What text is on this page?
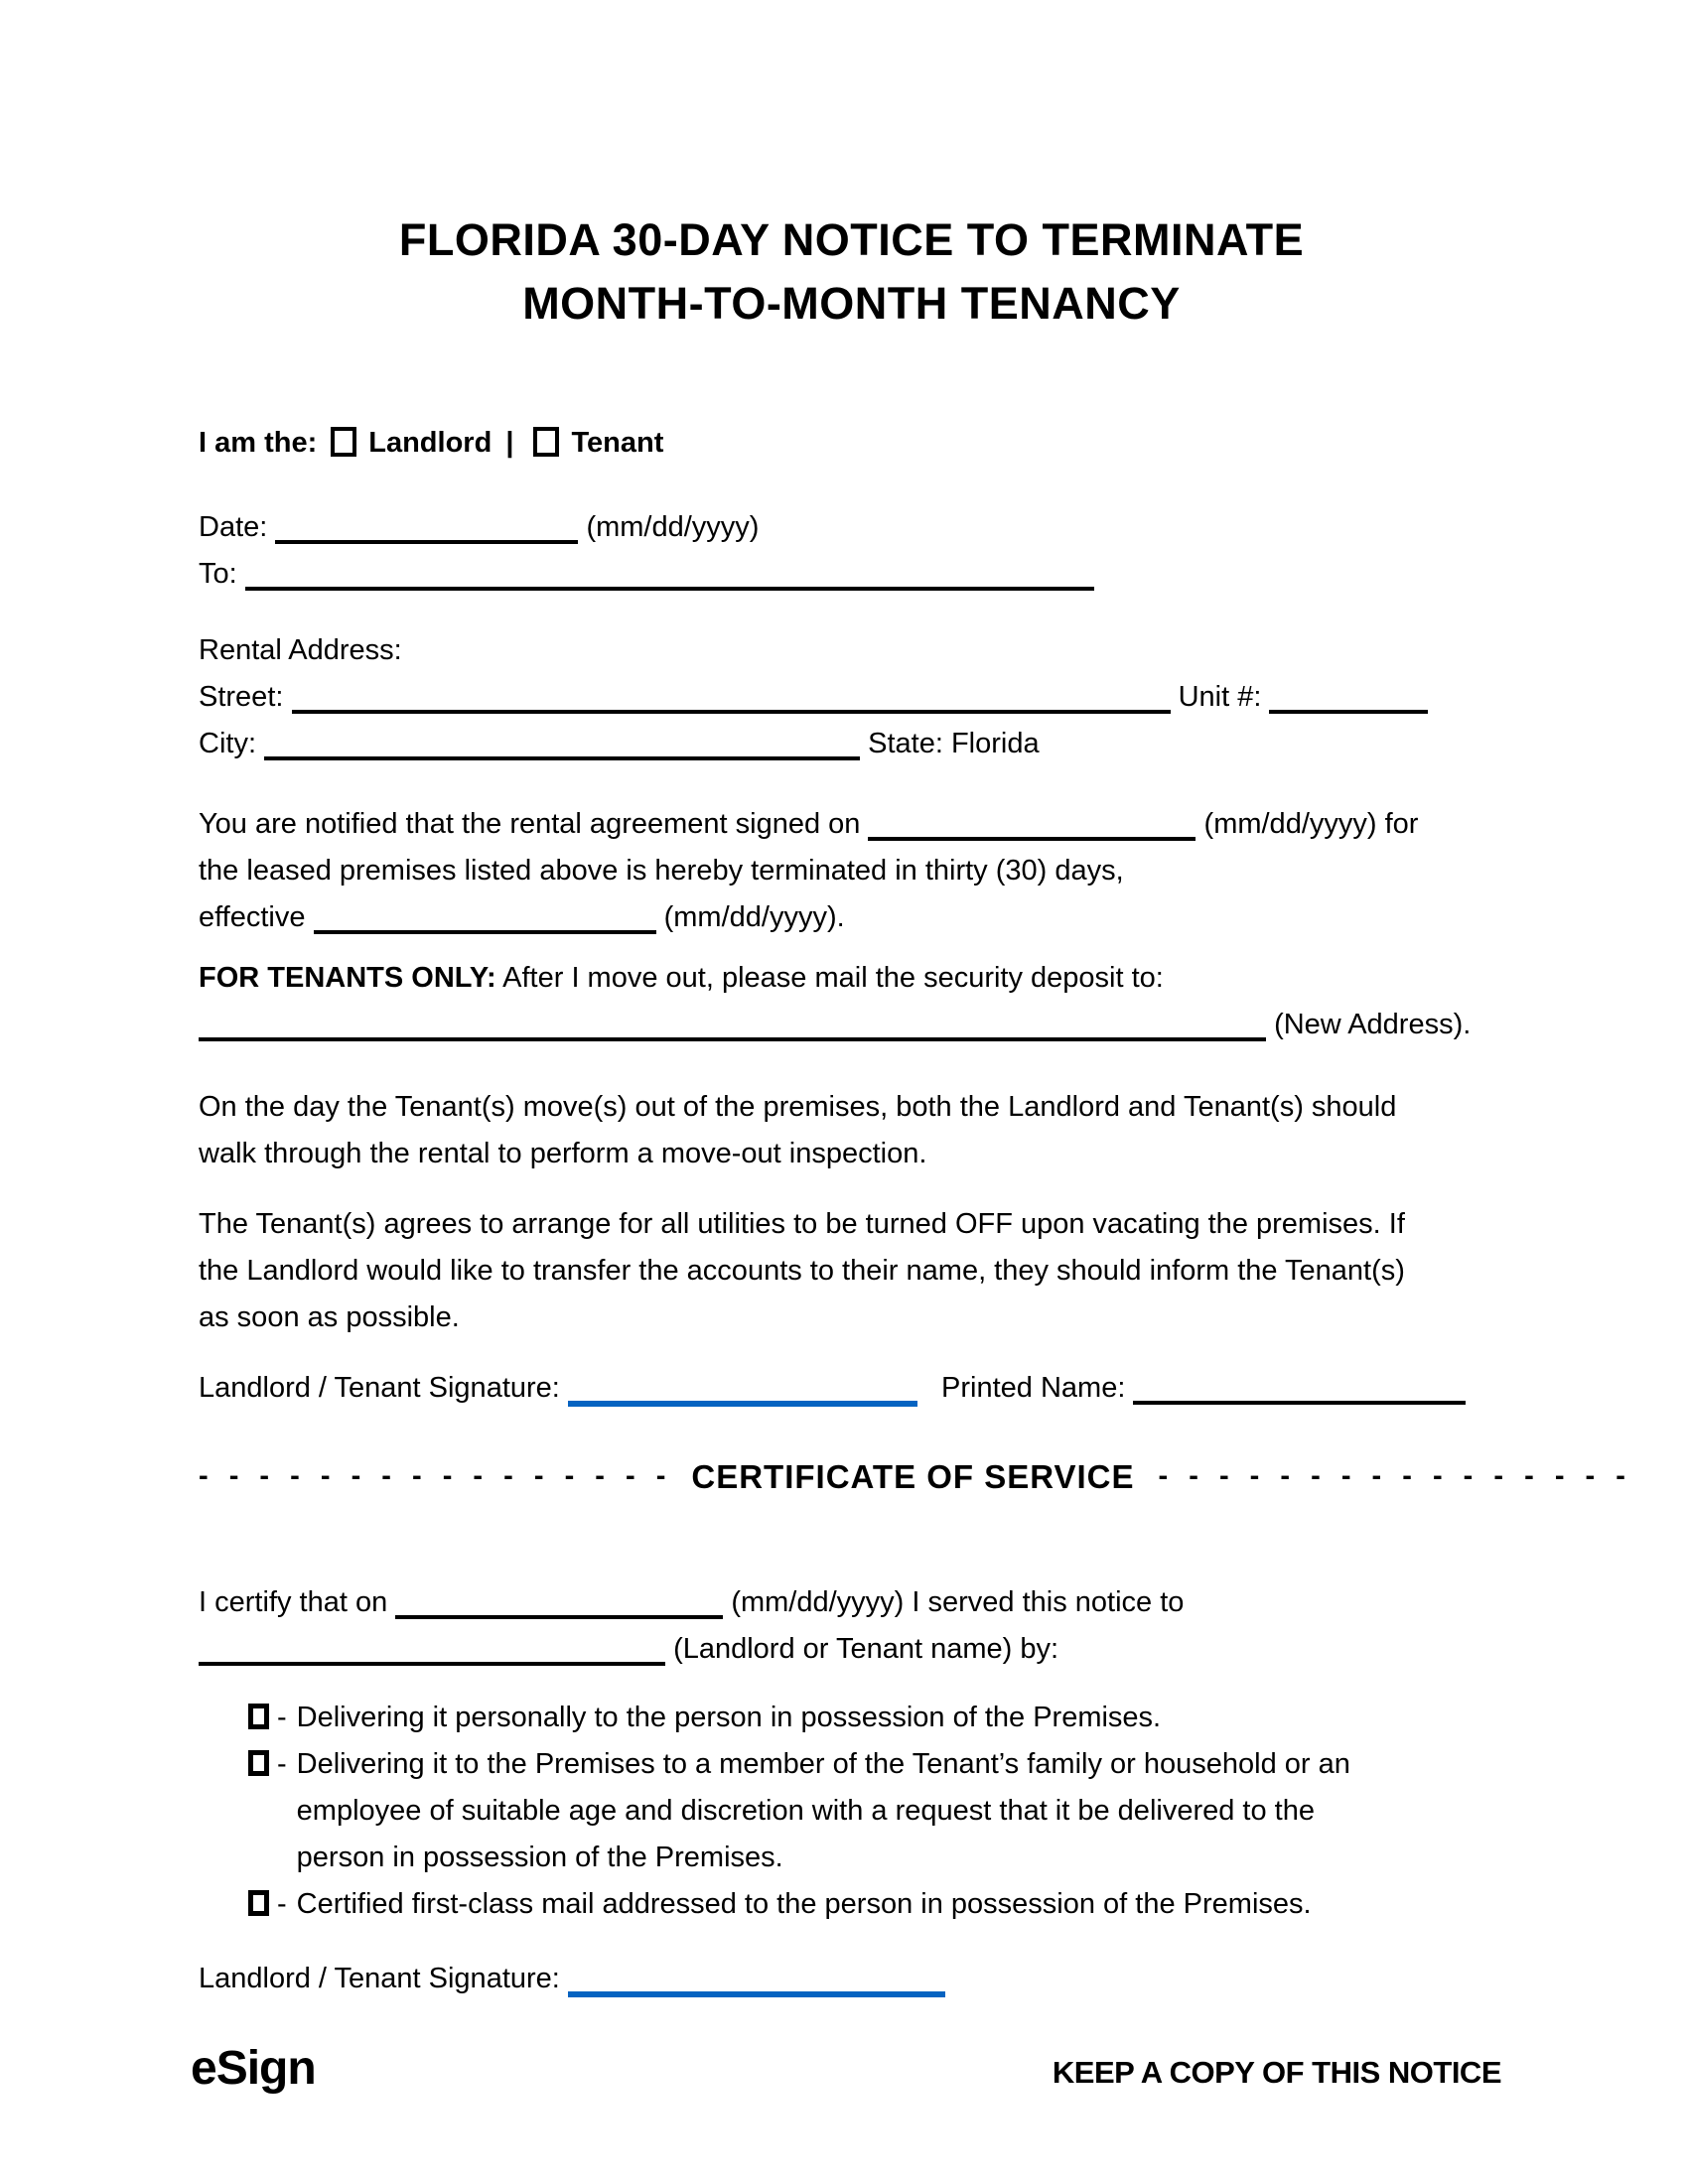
FLORIDA 30-DAY NOTICE TO TERMINATE
MONTH-TO-MONTH TENANCY
I am the: Landlord | Tenant
Date:	(mm/dd/yyyy)
To:
Rental Address:
Street:	Unit #:
City:	State: Florida
You are notified that the rental agreement signed on	(mm/dd/yyyy) for
the leased premises listed above is hereby terminated in thirty (30) days,
effective	(mm/dd/yyyy).
FOR TENANTS ONLY: After I move out, please mail the security deposit to:
(New Address).
On the day the Tenant(s) move(s) out of the premises, both the Landlord and Tenant(s) should
walk through the rental to perform a move-out inspection.
The Tenant(s) agrees to arrange for all utilities to be turned OFF upon vacating the premises. If
the Landlord would like to transfer the accounts to their name, they should inform the Tenant(s)
as soon as possible.
Landlord / Tenant Signature:	Printed Name:
- - - - - - - - - - - - - - - - CERTIFICATE OF SERVICE - - - - - - - - - - - - - - - -
I certify that on	(mm/dd/yyyy) I served this notice to
(Landlord or Tenant name) by:
- Delivering it personally to the person in possession of the Premises.
- Delivering it to the Premises to a member of the Tenant’s family or household or an
employee of suitable age and discretion with a request that it be delivered to the
person in possession of the Premises.
- Certified first-class mail addressed to the person in possession of the Premises.
Landlord / Tenant Signature:
eSign	KEEP A COPY OF THIS NOTICE
